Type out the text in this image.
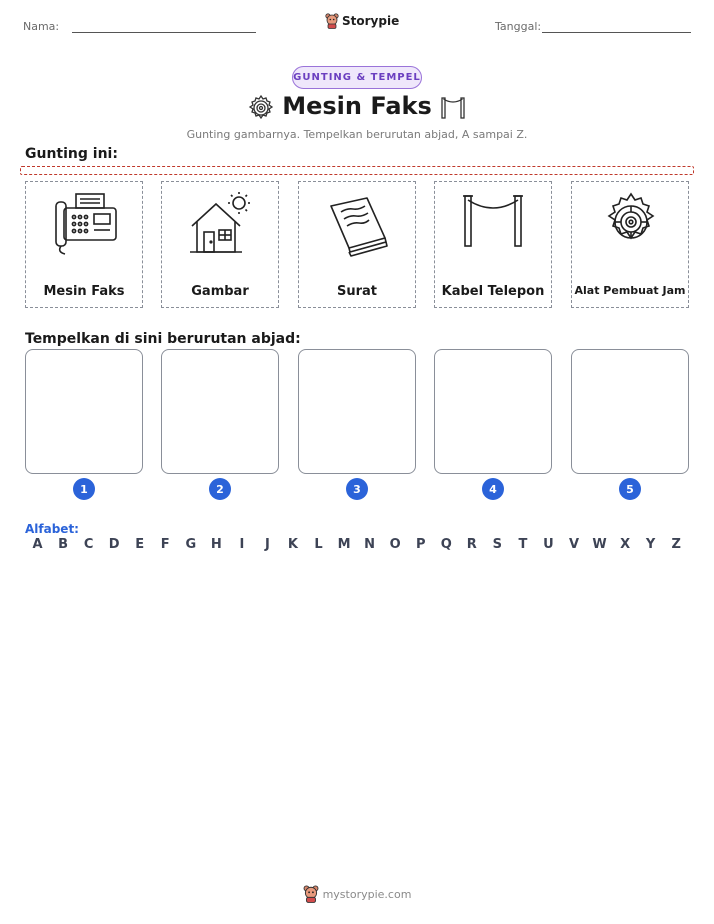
Nama:	Storypie	Tanggal:
GUNTING & TEMPEL
Mesin Faks
Gunting gambarnya. Tempelkan berurutan abjad, A sampai Z.
Gunting ini:
Mesin Faks	Gambar	Surat	Kabel Telepon	Alat Pembuat Jam
Tempelkan di sini berurutan abjad:
1	2	3	4	5
Alfabet:
A	B	C	D	E	F	G	H	I	J	K	L	M	N	O	P	Q	R	S	T	U	V	W	X	Y	Z
mystorypie.com
